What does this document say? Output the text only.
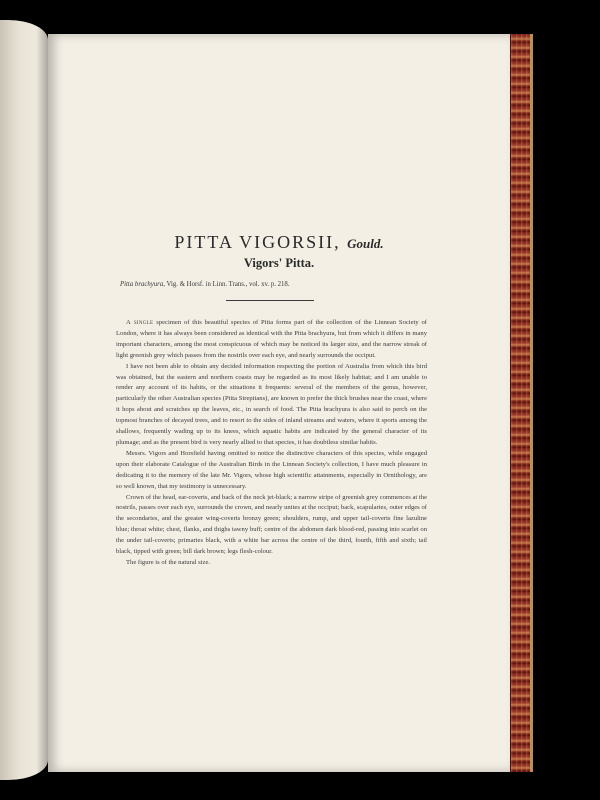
PITTA VIGORSII, Gould.
Vigors' Pitta.
Pitta brachyura, Vig. & Horsf. in Linn. Trans., vol. xv. p. 218.

A single specimen of this beautiful species of Pitta forms part of the collection of the Linnean Society of London, where it has always been considered as identical with the Pitta brachyura, but from which it differs in many important characters, among the most conspicuous of which may be noticed its larger size, and the narrow streak of light greenish grey which passes from the nostrils over each eye, and nearly surrounds the occiput.

I have not been able to obtain any decided information respecting the portion of Australia from which this bird was obtained, but the eastern and northern coasts may be regarded as its most likely habitat; and I am unable to render any account of its habits, or the situations it frequents: several of the members of the genus, however, particularly the other Australian species (Pitta Strepitans), are known to prefer the thick brushes near the coast, where it hops about and scratches up the leaves, etc., in search of food. The Pitta brachyura is also said to perch on the topmost branches of decayed trees, and to resort to the sides of inland streams and waters, where it sports among the shallows, frequently wading up to its knees, which aquatic habits are indicated by the general character of its plumage; and as the present bird is very nearly allied to that species, it has doubtless similar habits.

Messrs. Vigors and Horsfield having omitted to notice the distinctive characters of this species, while engaged upon their elaborate Catalogue of the Australian Birds in the Linnean Society's collection, I have much pleasure in dedicating it to the memory of the late Mr. Vigors, whose high scientific attainments, especially in Ornithology, are so well known, that my testimony is unnecessary.

Crown of the head, ear-coverts, and back of the neck jet-black; a narrow stripe of greenish grey commences at the nostrils, passes over each eye, surrounds the crown, and nearly unites at the occiput; back, scapularies, outer edges of the secondaries, and the greater wing-coverts bronzy green; shoulders, rump, and upper tail-coverts fine lazuline blue; throat white; chest, flanks, and thighs tawny buff; centre of the abdomen dark blood-red, passing into scarlet on the under tail-coverts; primaries black, with a white bar across the centre of the third, fourth, fifth and sixth; tail black, tipped with green; bill dark brown; legs flesh-colour.

The figure is of the natural size.
